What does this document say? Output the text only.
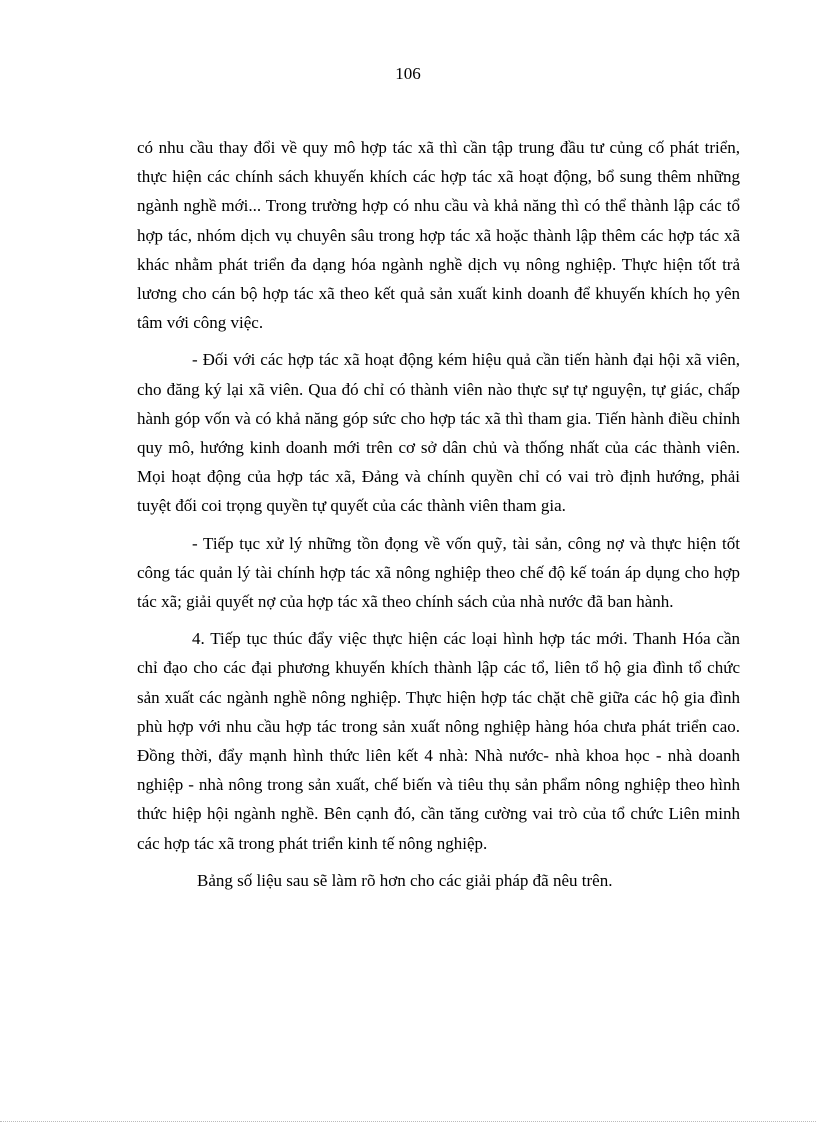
106

có nhu cầu thay đổi về quy mô hợp tác xã thì cần tập trung đầu tư củng cố phát triển, thực hiện các chính sách khuyến khích các hợp tác xã hoạt động, bổ sung thêm những ngành nghề mới... Trong trường hợp có nhu cầu và khả năng thì có thể thành lập các tổ hợp tác, nhóm dịch vụ chuyên sâu trong hợp tác xã hoặc thành lập thêm các hợp tác xã khác nhằm phát triển đa dạng hóa ngành nghề dịch vụ nông nghiệp. Thực hiện tốt trả lương cho cán bộ hợp tác xã theo kết quả sản xuất kinh doanh để khuyến khích họ yên tâm với công việc.

- Đối với các hợp tác xã hoạt động kém hiệu quả cần tiến hành đại hội xã viên, cho đăng ký lại xã viên. Qua đó chỉ có thành viên nào thực sự tự nguyện, tự giác, chấp hành góp vốn và có khả năng góp sức cho hợp tác xã thì tham gia. Tiến hành điều chỉnh quy mô, hướng kinh doanh mới trên cơ sở dân chủ và thống nhất của các thành viên. Mọi hoạt động của hợp tác xã, Đảng và chính quyền chỉ có vai trò định hướng, phải tuyệt đối coi trọng quyền tự quyết của các thành viên tham gia.

- Tiếp tục xử lý những tồn đọng về vốn quỹ, tài sản, công nợ và thực hiện tốt công tác quản lý tài chính hợp tác xã nông nghiệp theo chế độ kế toán áp dụng cho hợp tác xã; giải quyết nợ của hợp tác xã theo chính sách của nhà nước đã ban hành.

4. Tiếp tục thúc đẩy việc thực hiện các loại hình hợp tác mới. Thanh Hóa cần chỉ đạo cho các đại phương khuyến khích thành lập các tổ, liên tổ hộ gia đình tổ chức sản xuất các ngành nghề nông nghiệp. Thực hiện hợp tác chặt chẽ giữa các hộ gia đình phù hợp với nhu cầu hợp tác trong sản xuất nông nghiệp hàng hóa chưa phát triển cao. Đồng thời, đẩy mạnh hình thức liên kết 4 nhà: Nhà nước- nhà khoa học - nhà doanh nghiệp - nhà nông trong sản xuất, chế biến và tiêu thụ sản phẩm nông nghiệp theo hình thức hiệp hội ngành nghề. Bên cạnh đó, cần tăng cường vai trò của tổ chức Liên minh các hợp tác xã trong phát triển kinh tế nông nghiệp.

Bảng số liệu sau sẽ làm rõ hơn cho các giải pháp đã nêu trên.
